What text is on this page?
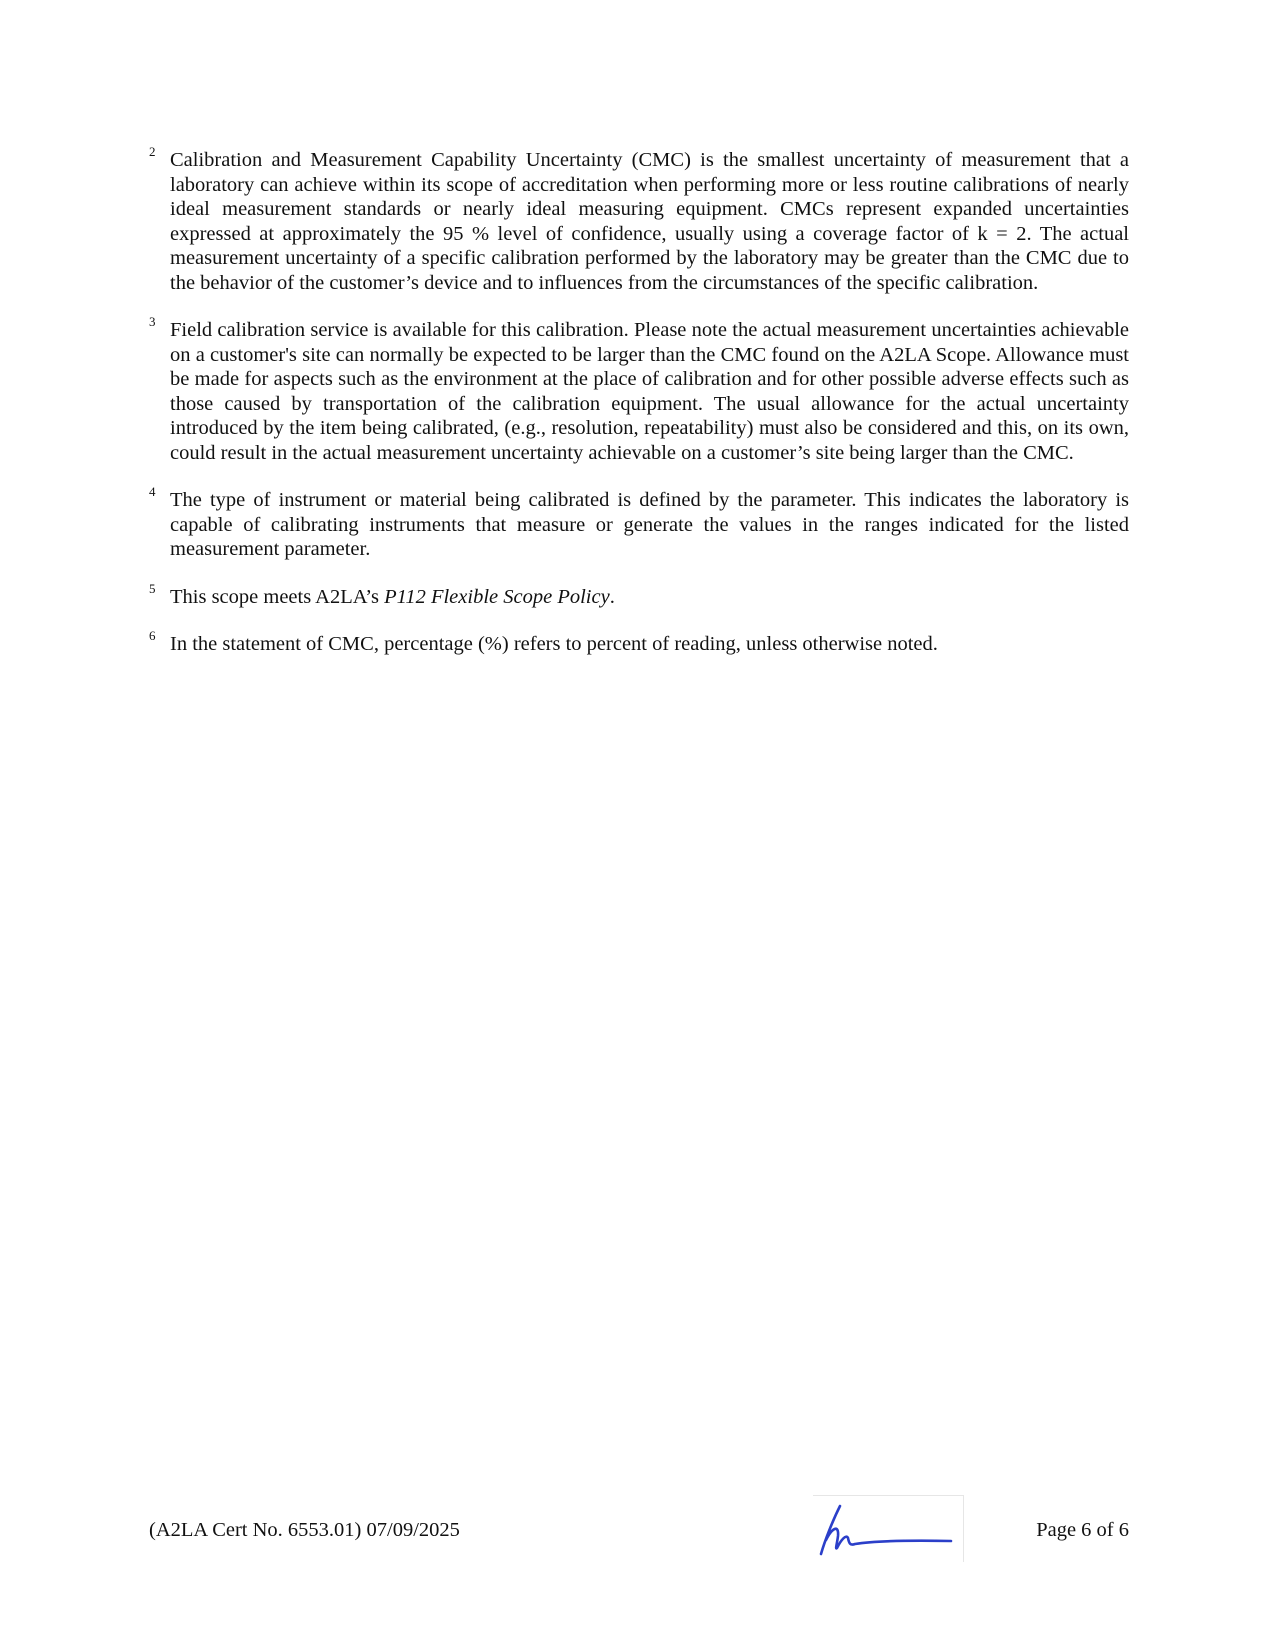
2 Calibration and Measurement Capability Uncertainty (CMC) is the smallest uncertainty of measurement that a laboratory can achieve within its scope of accreditation when performing more or less routine calibrations of nearly ideal measurement standards or nearly ideal measuring equipment. CMCs represent expanded uncertainties expressed at approximately the 95 % level of confidence, usually using a coverage factor of k = 2. The actual measurement uncertainty of a specific calibration performed by the laboratory may be greater than the CMC due to the behavior of the customer’s device and to influences from the circumstances of the specific calibration.

3 Field calibration service is available for this calibration. Please note the actual measurement uncertainties achievable on a customer's site can normally be expected to be larger than the CMC found on the A2LA Scope. Allowance must be made for aspects such as the environment at the place of calibration and for other possible adverse effects such as those caused by transportation of the calibration equipment. The usual allowance for the actual uncertainty introduced by the item being calibrated, (e.g., resolution, repeatability) must also be considered and this, on its own, could result in the actual measurement uncertainty achievable on a customer’s site being larger than the CMC.

4 The type of instrument or material being calibrated is defined by the parameter. This indicates the laboratory is capable of calibrating instruments that measure or generate the values in the ranges indicated for the listed measurement parameter.

5 This scope meets A2LA’s P112 Flexible Scope Policy.

6 In the statement of CMC, percentage (%) refers to percent of reading, unless otherwise noted.

(A2LA Cert No. 6553.01) 07/09/2025	Page 6 of 6
